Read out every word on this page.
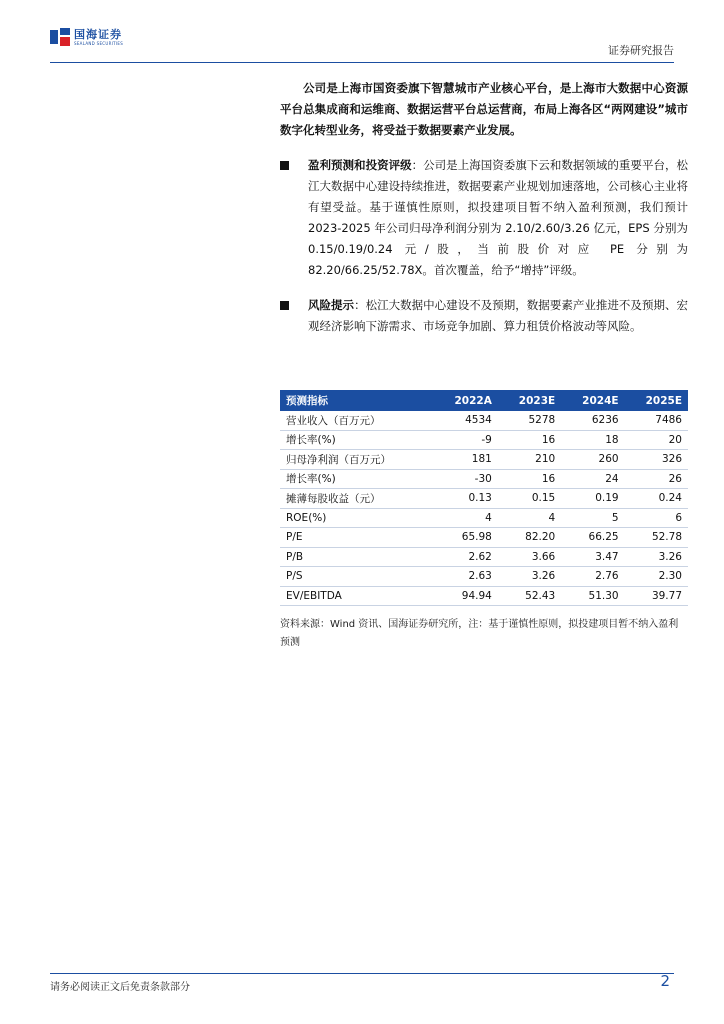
国海证券
SEALAND SECURITIES
证券研究报告

公司是上海市国资委旗下智慧城市产业核心平台，是上海市大数据中心资源平台总集成商和运维商、数据运营平台总运营商，布局上海各区“两网建设”城市数字化转型业务，将受益于数据要素产业发展。

盈利预测和投资评级：公司是上海国资委旗下云和数据领域的重要平台，松江大数据中心建设持续推进，数据要素产业规划加速落地，公司核心主业将有望受益。基于谨慎性原则，拟投建项目暂不纳入盈利预测，我们预计 2023-2025 年公司归母净利润分别为 2.10/2.60/3.26 亿元，EPS 分别为 0.15/0.19/0.24 元/股，当前股价对应 PE 分别为 82.20/66.25/52.78X。首次覆盖，给予“增持”评级。

风险提示：松江大数据中心建设不及预期，数据要素产业推进不及预期、宏观经济影响下游需求、市场竞争加剧、算力租赁价格波动等风险。

预测指标	2022A	2023E	2024E	2025E
营业收入（百万元）	4534	5278	6236	7486
增长率(%)	-9	16	18	20
归母净利润（百万元）	181	210	260	326
增长率(%)	-30	16	24	26
摊薄每股收益（元）	0.13	0.15	0.19	0.24
ROE(%)	4	4	5	6
P/E	65.98	82.20	66.25	52.78
P/B	2.62	3.66	3.47	3.26
P/S	2.63	3.26	2.76	2.30
EV/EBITDA	94.94	52.43	51.30	39.77
资料来源：Wind 资讯、国海证券研究所，注：基于谨慎性原则，拟投建项目暂不纳入盈利预测
请务必阅读正文后免责条款部分	2
